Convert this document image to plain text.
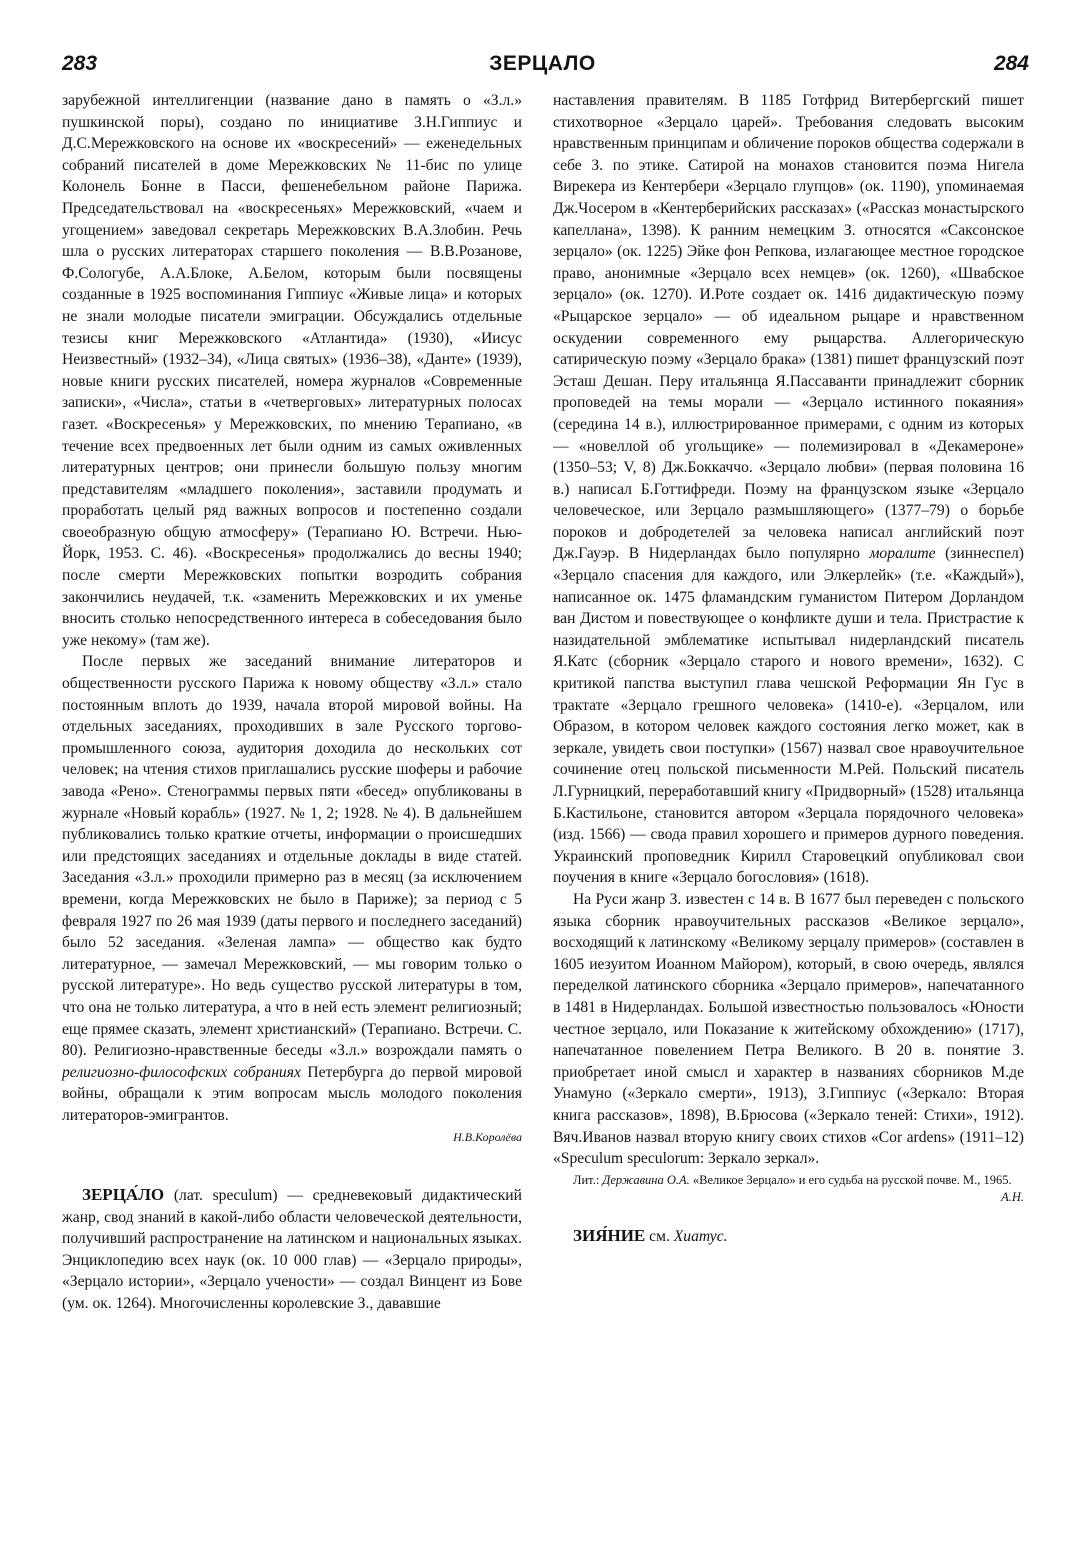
283	ЗЕРЦАЛО	284

зарубежной интеллигенции (название дано в память о «З.л.» пушкинской поры), создано по инициативе З.Н.Гиппиус и Д.С.Мережковского на основе их «воскресений» — еженедельных собраний писателей в доме Мережковских № 11-бис по улице Колонель Бонне в Пасси, фешенебельном районе Парижа. Председательствовал на «воскресеньях» Мережковский, «чаем и угощением» заведовал секретарь Мережковских В.А.Злобин. Речь шла о русских литераторах старшего поколения — В.В.Розанове, Ф.Сологубе, А.А.Блоке, А.Белом, которым были посвящены созданные в 1925 воспоминания Гиппиус «Живые лица» и которых не знали молодые писатели эмиграции. Обсуждались отдельные тезисы книг Мережковского «Атлантида» (1930), «Иисус Неизвестный» (1932–34), «Лица святых» (1936–38), «Данте» (1939), новые книги русских писателей, номера журналов «Современные записки», «Числа», статьи в «четверговых» литературных полосах газет. «Воскресенья» у Мережковских, по мнению Терапиано, «в течение всех предвоенных лет были одним из самых оживленных литературных центров; они принесли большую пользу многим представителям «младшего поколения», заставили продумать и проработать целый ряд важных вопросов и постепенно создали своеобразную общую атмосферу» (Терапиано Ю. Встречи. Нью-Йорк, 1953. С. 46). «Воскресенья» продолжались до весны 1940; после смерти Мережковских попытки возродить собрания закончились неудачей, т.к. «заменить Мережковских и их уменье вносить столько непосредственного интереса в собеседования было уже некому» (там же).

После первых же заседаний внимание литераторов и общественности русского Парижа к новому обществу «З.л.» стало постоянным вплоть до 1939, начала второй мировой войны. На отдельных заседаниях, проходивших в зале Русского торгово-промышленного союза, аудитория доходила до нескольких сот человек; на чтения стихов приглашались русские шоферы и рабочие завода «Рено». Стенограммы первых пяти «бесед» опубликованы в журнале «Новый корабль» (1927. № 1, 2; 1928. № 4). В дальнейшем публиковались только краткие отчеты, информации о происшедших или предстоящих заседаниях и отдельные доклады в виде статей. Заседания «З.л.» проходили примерно раз в месяц (за исключением времени, когда Мережковских не было в Париже); за период с 5 февраля 1927 по 26 мая 1939 (даты первого и последнего заседаний) было 52 заседания. «Зеленая лампа» — общество как будто литературное, — замечал Мережковский, — мы говорим только о русской литературе». Но ведь существо русской литературы в том, что она не только литература, а что в ней есть элемент религиозный; еще прямее сказать, элемент христианский» (Терапиано. Встречи. С. 80). Религиозно-нравственные беседы «З.л.» возрождали память о религиозно-философских собраниях Петербурга до первой мировой войны, обращали к этим вопросам мысль молодого поколения литераторов-эмигрантов.

Н.В.Королёва

ЗЕРЦА́ЛО (лат. speculum) — средневековый дидактический жанр, свод знаний в какой-либо области человеческой деятельности, получивший распространение на латинском и национальных языках. Энциклопедию всех наук (ок. 10 000 глав) — «Зерцало природы», «Зерцало истории», «Зерцало учености» — создал Винцент из Бове (ум. ок. 1264). Многочисленны королевские З., дававшие

наставления правителям. В 1185 Готфрид Витербергский пишет стихотворное «Зерцало царей». Требования следовать высоким нравственным принципам и обличение пороков общества содержали в себе З. по этике. Сатирой на монахов становится поэма Нигела Вирекера из Кентербери «Зерцало глупцов» (ок. 1190), упоминаемая Дж.Чосером в «Кентерберийских рассказах» («Рассказ монастырского капеллана», 1398). К ранним немецким З. относятся «Саксонское зерцало» (ок. 1225) Эйке фон Репкова, излагающее местное городское право, анонимные «Зерцало всех немцев» (ок. 1260), «Швабское зерцало» (ок. 1270). И.Роте создает ок. 1416 дидактическую поэму «Рыцарское зерцало» — об идеальном рыцаре и нравственном оскудении современного ему рыцарства. Аллегорическую сатирическую поэму «Зерцало брака» (1381) пишет французский поэт Эсташ Дешан. Перу итальянца Я.Пассаванти принадлежит сборник проповедей на темы морали — «Зерцало истинного покаяния» (середина 14 в.), иллюстрированное примерами, с одним из которых — «новеллой об угольщике» — полемизировал в «Декамероне» (1350–53; V, 8) Дж.Боккаччо. «Зерцало любви» (первая половина 16 в.) написал Б.Готтифреди. Поэму на французском языке «Зерцало человеческое, или Зерцало размышляющего» (1377–79) о борьбе пороков и добродетелей за человека написал английский поэт Дж.Гауэр. В Нидерландах было популярно моралите (зиннеспел) «Зерцало спасения для каждого, или Элкерлейк» (т.е. «Каждый»), написанное ок. 1475 фламандским гуманистом Питером Дорландом ван Дистом и повествующее о конфликте души и тела. Пристрастие к назидательной эмблематике испытывал нидерландский писатель Я.Катс (сборник «Зерцало старого и нового времени», 1632). С критикой папства выступил глава чешской Реформации Ян Гус в трактате «Зерцало грешного человека» (1410-е). «Зерцалом, или Образом, в котором человек каждого состояния легко может, как в зеркале, увидеть свои поступки» (1567) назвал свое нравоучительное сочинение отец польской письменности М.Рей. Польский писатель Л.Гурницкий, переработавший книгу «Придворный» (1528) итальянца Б.Кастильоне, становится автором «Зерцала порядочного человека» (изд. 1566) — свода правил хорошего и примеров дурного поведения. Украинский проповедник Кирилл Старовецкий опубликовал свои поучения в книге «Зерцало богословия» (1618).

На Руси жанр З. известен с 14 в. В 1677 был переведен с польского языка сборник нравоучительных рассказов «Великое зерцало», восходящий к латинскому «Великому зерцалу примеров» (составлен в 1605 иезуитом Иоанном Майором), который, в свою очередь, являлся переделкой латинского сборника «Зерцало примеров», напечатанного в 1481 в Нидерландах. Большой известностью пользовалось «Юности честное зерцало, или Показание к житейскому обхождению» (1717), напечатанное повелением Петра Великого. В 20 в. понятие З. приобретает иной смысл и характер в названиях сборников М.де Унамуно («Зеркало смерти», 1913), З.Гиппиус («Зеркало: Вторая книга рассказов», 1898), В.Брюсова («Зеркало теней: Стихи», 1912). Вяч.Иванов назвал вторую книгу своих стихов «Cor ardens» (1911–12) «Speculum speculorum: Зеркало зеркал».

Лит.: Державина О.А. «Великое Зерцало» и его судьба на русской почве. М., 1965.
А.Н.

ЗИЯ́НИЕ см. Хиатус.
